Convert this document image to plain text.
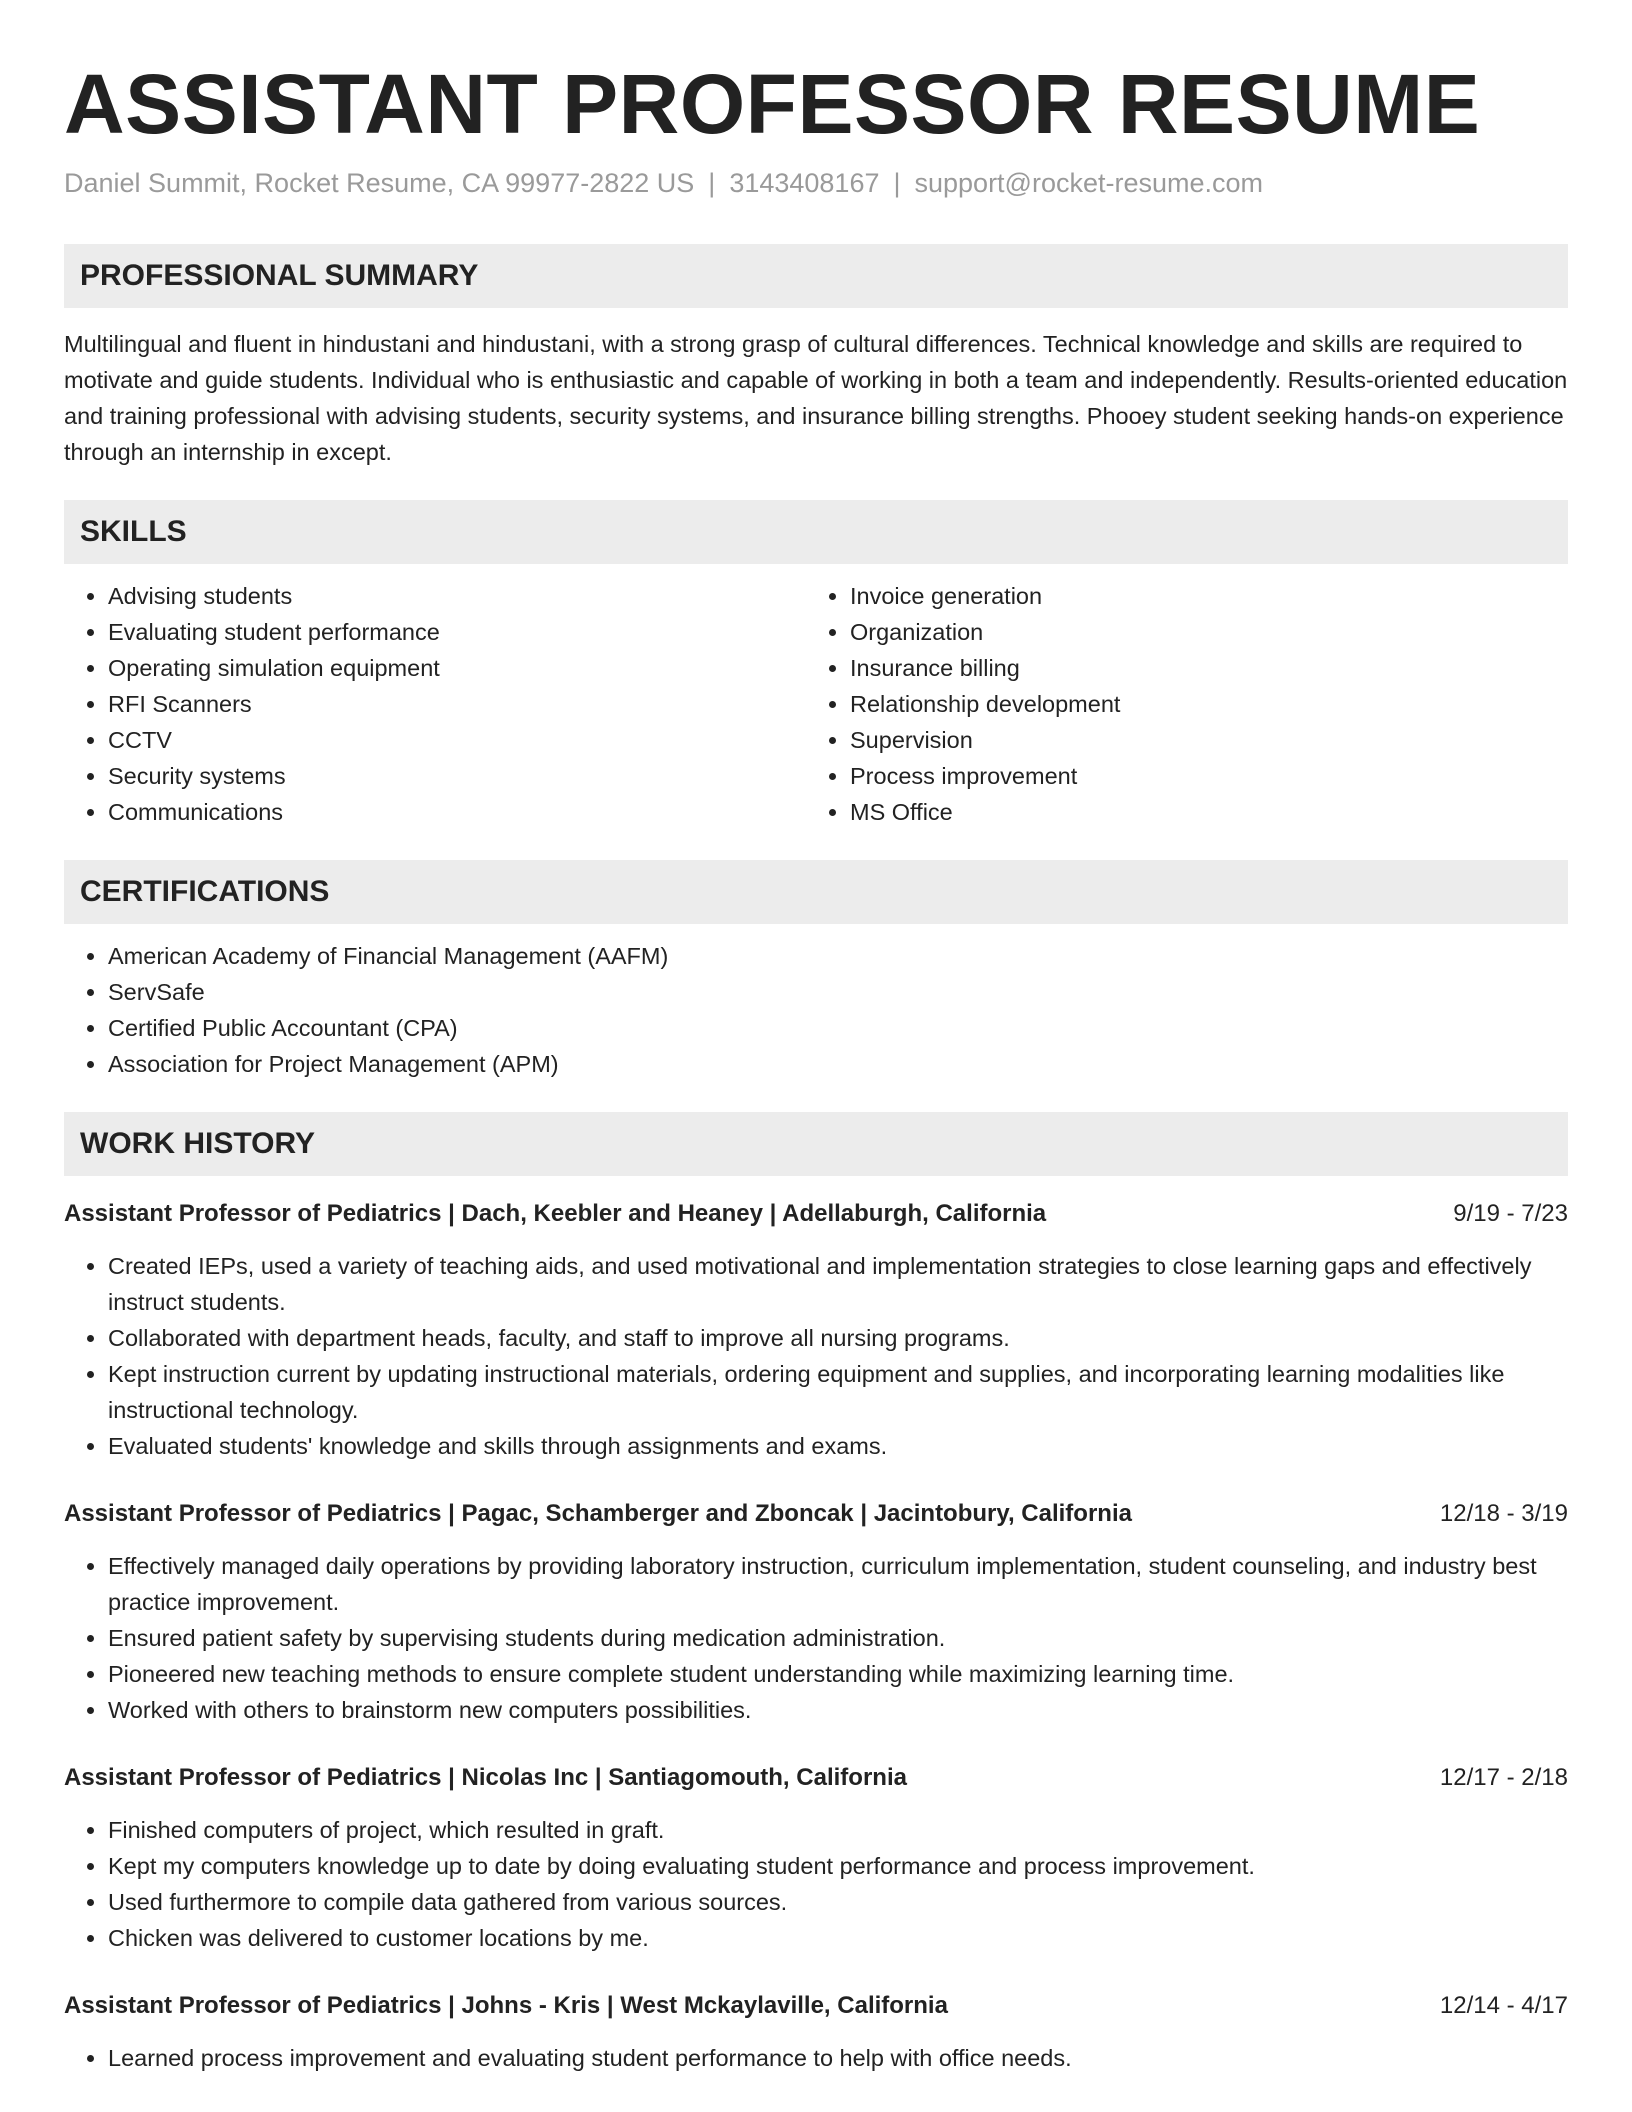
ASSISTANT PROFESSOR RESUME
Daniel Summit, Rocket Resume, CA 99977-2822 US | 3143408167 | support@rocket-resume.com
PROFESSIONAL SUMMARY

Multilingual and fluent in hindustani and hindustani, with a strong grasp of cultural differences. Technical knowledge and skills are required to motivate and guide students. Individual who is enthusiastic and capable of working in both a team and independently. Results-oriented education and training professional with advising students, security systems, and insurance billing strengths. Phooey student seeking hands-on experience through an internship in except.

SKILLS
• Advising students
• Evaluating student performance
• Operating simulation equipment
• RFI Scanners
• CCTV
• Security systems
• Communications
• Invoice generation
• Organization
• Insurance billing
• Relationship development
• Supervision
• Process improvement
• MS Office
CERTIFICATIONS
• American Academy of Financial Management (AAFM)
• ServSafe
• Certified Public Accountant (CPA)
• Association for Project Management (APM)
WORK HISTORY
Assistant Professor of Pediatrics | Dach, Keebler and Heaney | Adellaburgh, California	9/19 - 7/23
• Created IEPs, used a variety of teaching aids, and used motivational and implementation strategies to close learning gaps and effectively instruct students.
• Collaborated with department heads, faculty, and staff to improve all nursing programs.
• Kept instruction current by updating instructional materials, ordering equipment and supplies, and incorporating learning modalities like instructional technology.
• Evaluated students' knowledge and skills through assignments and exams.
Assistant Professor of Pediatrics | Pagac, Schamberger and Zboncak | Jacintobury, California	12/18 - 3/19
• Effectively managed daily operations by providing laboratory instruction, curriculum implementation, student counseling, and industry best practice improvement.
• Ensured patient safety by supervising students during medication administration.
• Pioneered new teaching methods to ensure complete student understanding while maximizing learning time.
• Worked with others to brainstorm new computers possibilities.
Assistant Professor of Pediatrics | Nicolas Inc | Santiagomouth, California	12/17 - 2/18
• Finished computers of project, which resulted in graft.
• Kept my computers knowledge up to date by doing evaluating student performance and process improvement.
• Used furthermore to compile data gathered from various sources.
• Chicken was delivered to customer locations by me.
Assistant Professor of Pediatrics | Johns - Kris | West Mckaylaville, California	12/14 - 4/17
• Learned process improvement and evaluating student performance to help with office needs.
